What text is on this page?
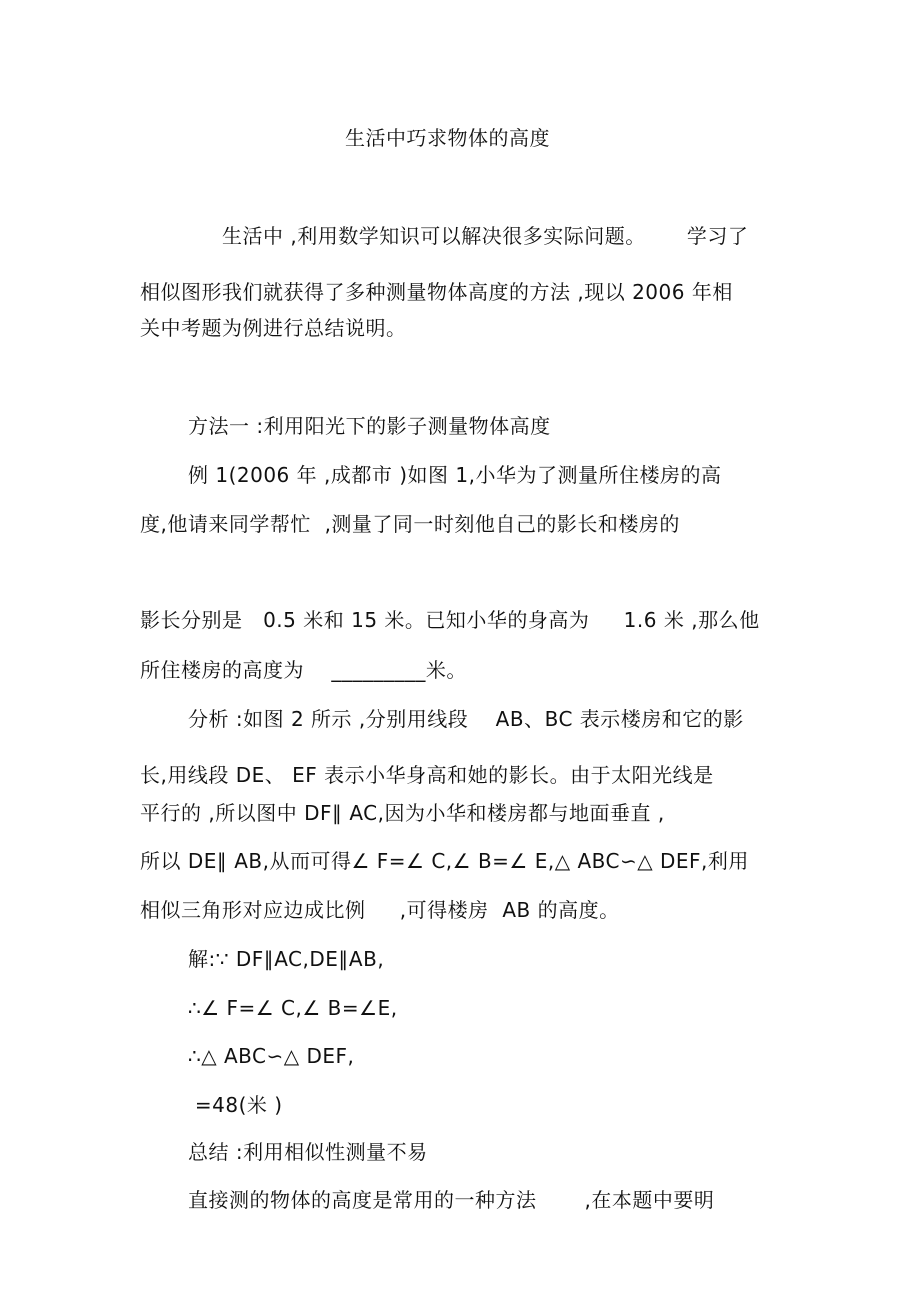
生活中巧求物体的高度
生活中 ,利用数学知识可以解决很多实际问题。      学习了
相似图形我们就获得了多种测量物体高度的方法 ,现以 2006 年相
关中考题为例进行总结说明。
方法一 :利用阳光下的影子测量物体高度
例 1(2006 年 ,成都市 )如图 1,小华为了测量所住楼房的高
度,他请来同学帮忙  ,测量了同一时刻他自己的影长和楼房的
影长分别是   0.5 米和 15 米。已知小华的身高为     1.6 米 ,那么他
所住楼房的高度为    _________米。
分析 :如图 2 所示 ,分别用线段    AB、BC 表示楼房和它的影
长,用线段 DE、 EF 表示小华身高和她的影长。由于太阳光线是
平行的 ,所以图中 DF∥ AC,因为小华和楼房都与地面垂直 ,
所以 DE∥ AB,从而可得∠ F=∠ C,∠ B=∠ E,△ ABC∽△ DEF,利用
相似三角形对应边成比例     ,可得楼房  AB 的高度。
解:∵ DF∥AC,DE∥AB,
∴∠ F=∠ C,∠ B=∠E,
∴△ ABC∽△ DEF,
=48(米 )
总结 :利用相似性测量不易
直接测的物体的高度是常用的一种方法       ,在本题中要明
